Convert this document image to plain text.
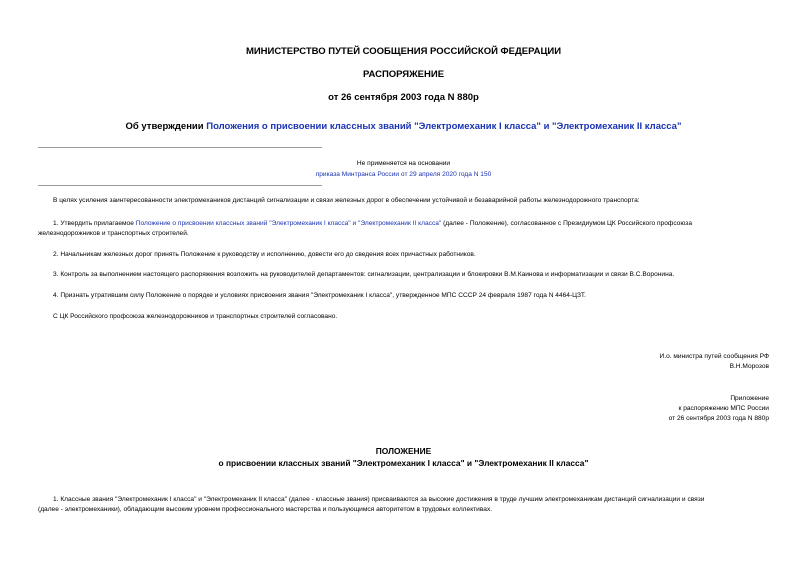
МИНИСТЕРСТВО ПУТЕЙ СООБЩЕНИЯ РОССИЙСКОЙ ФЕДЕРАЦИИ
РАСПОРЯЖЕНИЕ
от 26 сентября 2003 года N 880р
Об утверждении Положения о присвоении классных званий "Электромеханик I класса" и "Электромеханик II класса"
Не применяется на основании
приказа Минтранса России от 29 апреля 2020 года N 150
В целях усиления заинтересованности электромехаников дистанций сигнализации и связи железных дорог в обеспечении устойчивой и безаварийной работы железнодорожного транспорта:
1. Утвердить прилагаемое Положение о присвоении классных званий "Электромеханик I класса" и "Электромеханик II класса" (далее - Положение), согласованное с Президиумом ЦК Российского профсоюза
железнодорожников и транспортных строителей.
2. Начальникам железных дорог принять Положение к руководству и исполнению, довести его до сведения всех причастных работников.
3. Контроль за выполнением настоящего распоряжения возложить на руководителей департаментов: сигнализации, централизации и блокировки В.М.Каинова и информатизации и связи В.С.Воронина.
4. Признать утратившим силу Положение о порядке и условиях присвоения звания "Электромеханик I класса", утвержденное МПС СССР 24 февраля 1987 года N 4464-ЦЗТ.
С ЦК Российского профсоюза железнодорожников и транспортных строителей согласовано.
И.о. министра путей сообщения РФ
В.Н.Морозов
Приложение
к распоряжению МПС России
от 26 сентября 2003 года N 880р
ПОЛОЖЕНИЕ
о присвоении классных званий "Электромеханик I класса" и "Электромеханик II класса"
1. Классные звания "Электромеханик I класса" и "Электромеханик II класса" (далее - классные звания) присваиваются за высокие достижения в труде лучшим электромеханикам дистанций сигнализации и связи
(далее - электромеханики), обладающим высоким уровнем профессионального мастерства и пользующимся авторитетом в трудовых коллективах.
